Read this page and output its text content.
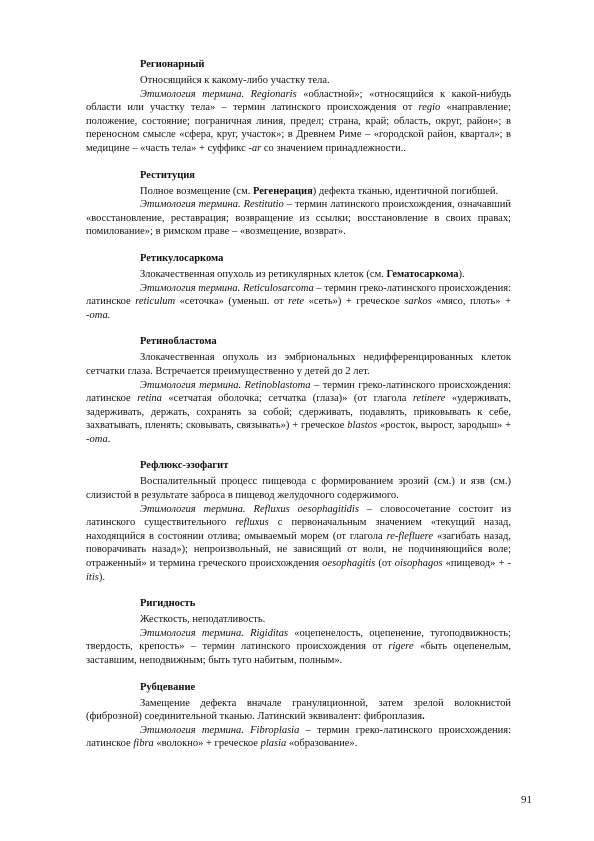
Регионарный

Относящийся к какому-либо участку тела.

Этимология термина. Regionaris «областной»; «относящийся к какой-нибудь области или участку тела» – термин латинского происхождения от regio «направление; положение, состояние; пограничная линия, предел; страна, край; область, округ, район»; в переносном смысле «сфера, круг, участок»; в Древнем Риме – «городской район, квартал»; в медицине – «часть тела» + суффикс -ar со значением принадлежности..

Реституция

Полное возмещение (см. Регенерация) дефекта тканью, идентичной погибшей.

Этимология термина. Restitutio – термин латинского происхождения, означавший «восстановление, реставрация; возвращение из ссылки; восстановление в своих правах; помилование»; в римском праве – «возмещение, возврат».

Ретикулосаркома

Злокачественная опухоль из ретикулярных клеток (см. Гематосаркома).

Этимология термина. Reticulosarcoma – термин греко-латинского происхождения: латинское reticulum «сеточка» (уменьш. от rete «сеть») + греческое sarkos «мясо, плоть» + -ота.

Ретинобластома

Злокачественная опухоль из эмбриональных недифференцированных клеток сетчатки глаза. Встречается преимущественно у детей до 2 лет.

Этимология термина. Retinoblastoma – термин греко-латинского происхождения: латинское retina «сетчатая оболочка; сетчатка (глаза)» (от глагола retinere «удерживать, задерживать, держать, сохранять за собой; сдерживать, подавлять, приковывать к себе, захватывать, пленять; сковывать, связывать») + греческое blastos «росток, вырост, зародыш» + -ота.

Рефлюкс-эзофагит

Воспалительный процесс пищевода с формированием эрозий (см.) и язв (см.) слизистой в результате заброса в пищевод желудочного содержимого.

Этимология термина. Refluxus oesophagitidis – словосочетание состоит из латинского существительного refluxus с первоначальным значением «текущий назад, находящийся в состоянии отлива; омываемый морем (от глагола re-flefluere «загибать назад, поворачивать назад»); непроизвольный, не зависящий от воли, не подчиняющийся воле; отраженный» и термина греческого происхождения oesophagitis (от oisophagos «пищевод» + -itis).

Ригидность

Жесткость, неподатливость.

Этимология термина. Rigiditas «оцепенелость, оцепенение, тугоподвижность; твердость, крепость» – термин латинского происхождения от rigere «быть оцепенелым, заставшим, неподвижным; быть туго набитым, полным».

Рубцевание

Замещение дефекта вначале грануляционной, затем зрелой волокнистой (фиброзной) соединительной тканью. Латинский эквивалент: фиброплазия.

Этимология термина. Fibroplasia – термин греко-латинского происхождения: латинское fibra «волокно» + греческое plasia «образование».

91
